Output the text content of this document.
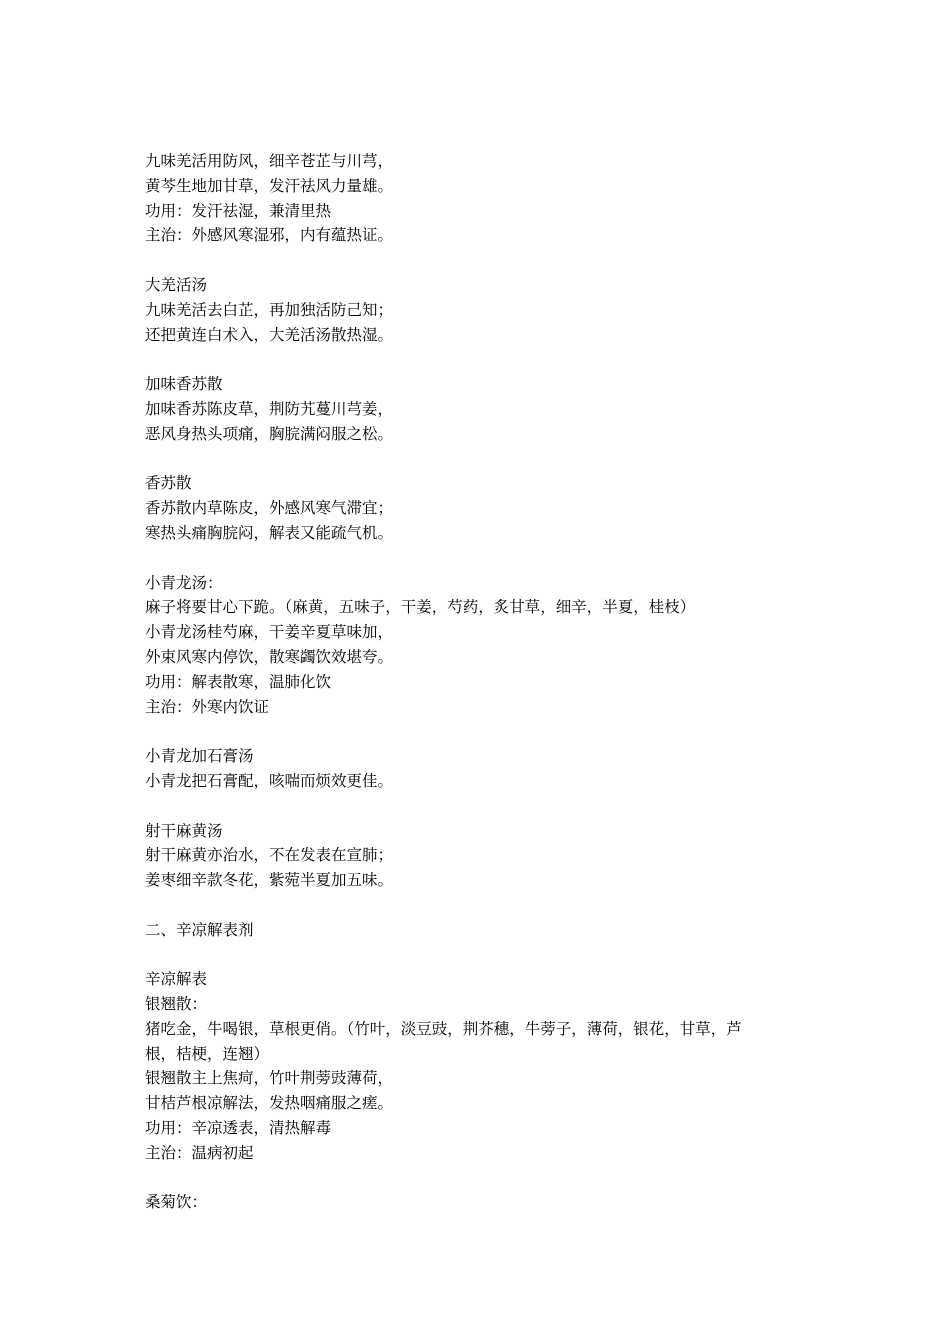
九味羌活用防风，细辛苍芷与川芎，
黄芩生地加甘草，发汗祛风力量雄。
功用：发汗祛湿，兼清里热
主治：外感风寒湿邪，内有蕴热证。
大羌活汤
九味羌活去白芷，再加独活防己知；
还把黄连白术入，大羌活汤散热湿。
加味香苏散
加味香苏陈皮草，荆防艽蔓川芎姜，
恶风身热头项痛，胸脘满闷服之松。
香苏散
香苏散内草陈皮，外感风寒气滞宜；
寒热头痛胸脘闷，解表又能疏气机。
小青龙汤：
麻子将要甘心下跪。（麻黄，五味子，干姜，芍药，炙甘草，细辛，半夏，桂枝）
小青龙汤桂芍麻，干姜辛夏草味加，
外束风寒内停饮，散寒蠲饮效堪夸。
功用：解表散寒，温肺化饮
主治：外寒内饮证
小青龙加石膏汤
小青龙把石膏配，咳喘而烦效更佳。
射干麻黄汤
射干麻黄亦治水，不在发表在宣肺；
姜枣细辛款冬花，紫菀半夏加五味。
二、辛凉解表剂
辛凉解表
银翘散：
猪吃金，牛喝银，草根更俏。（竹叶，淡豆豉，荆芥穗，牛蒡子，薄荷，银花，甘草，芦
根，桔梗，连翘）
银翘散主上焦疴，竹叶荆蒡豉薄荷，
甘桔芦根凉解法，发热咽痛服之瘥。
功用：辛凉透表，清热解毒
主治：温病初起
桑菊饮：
